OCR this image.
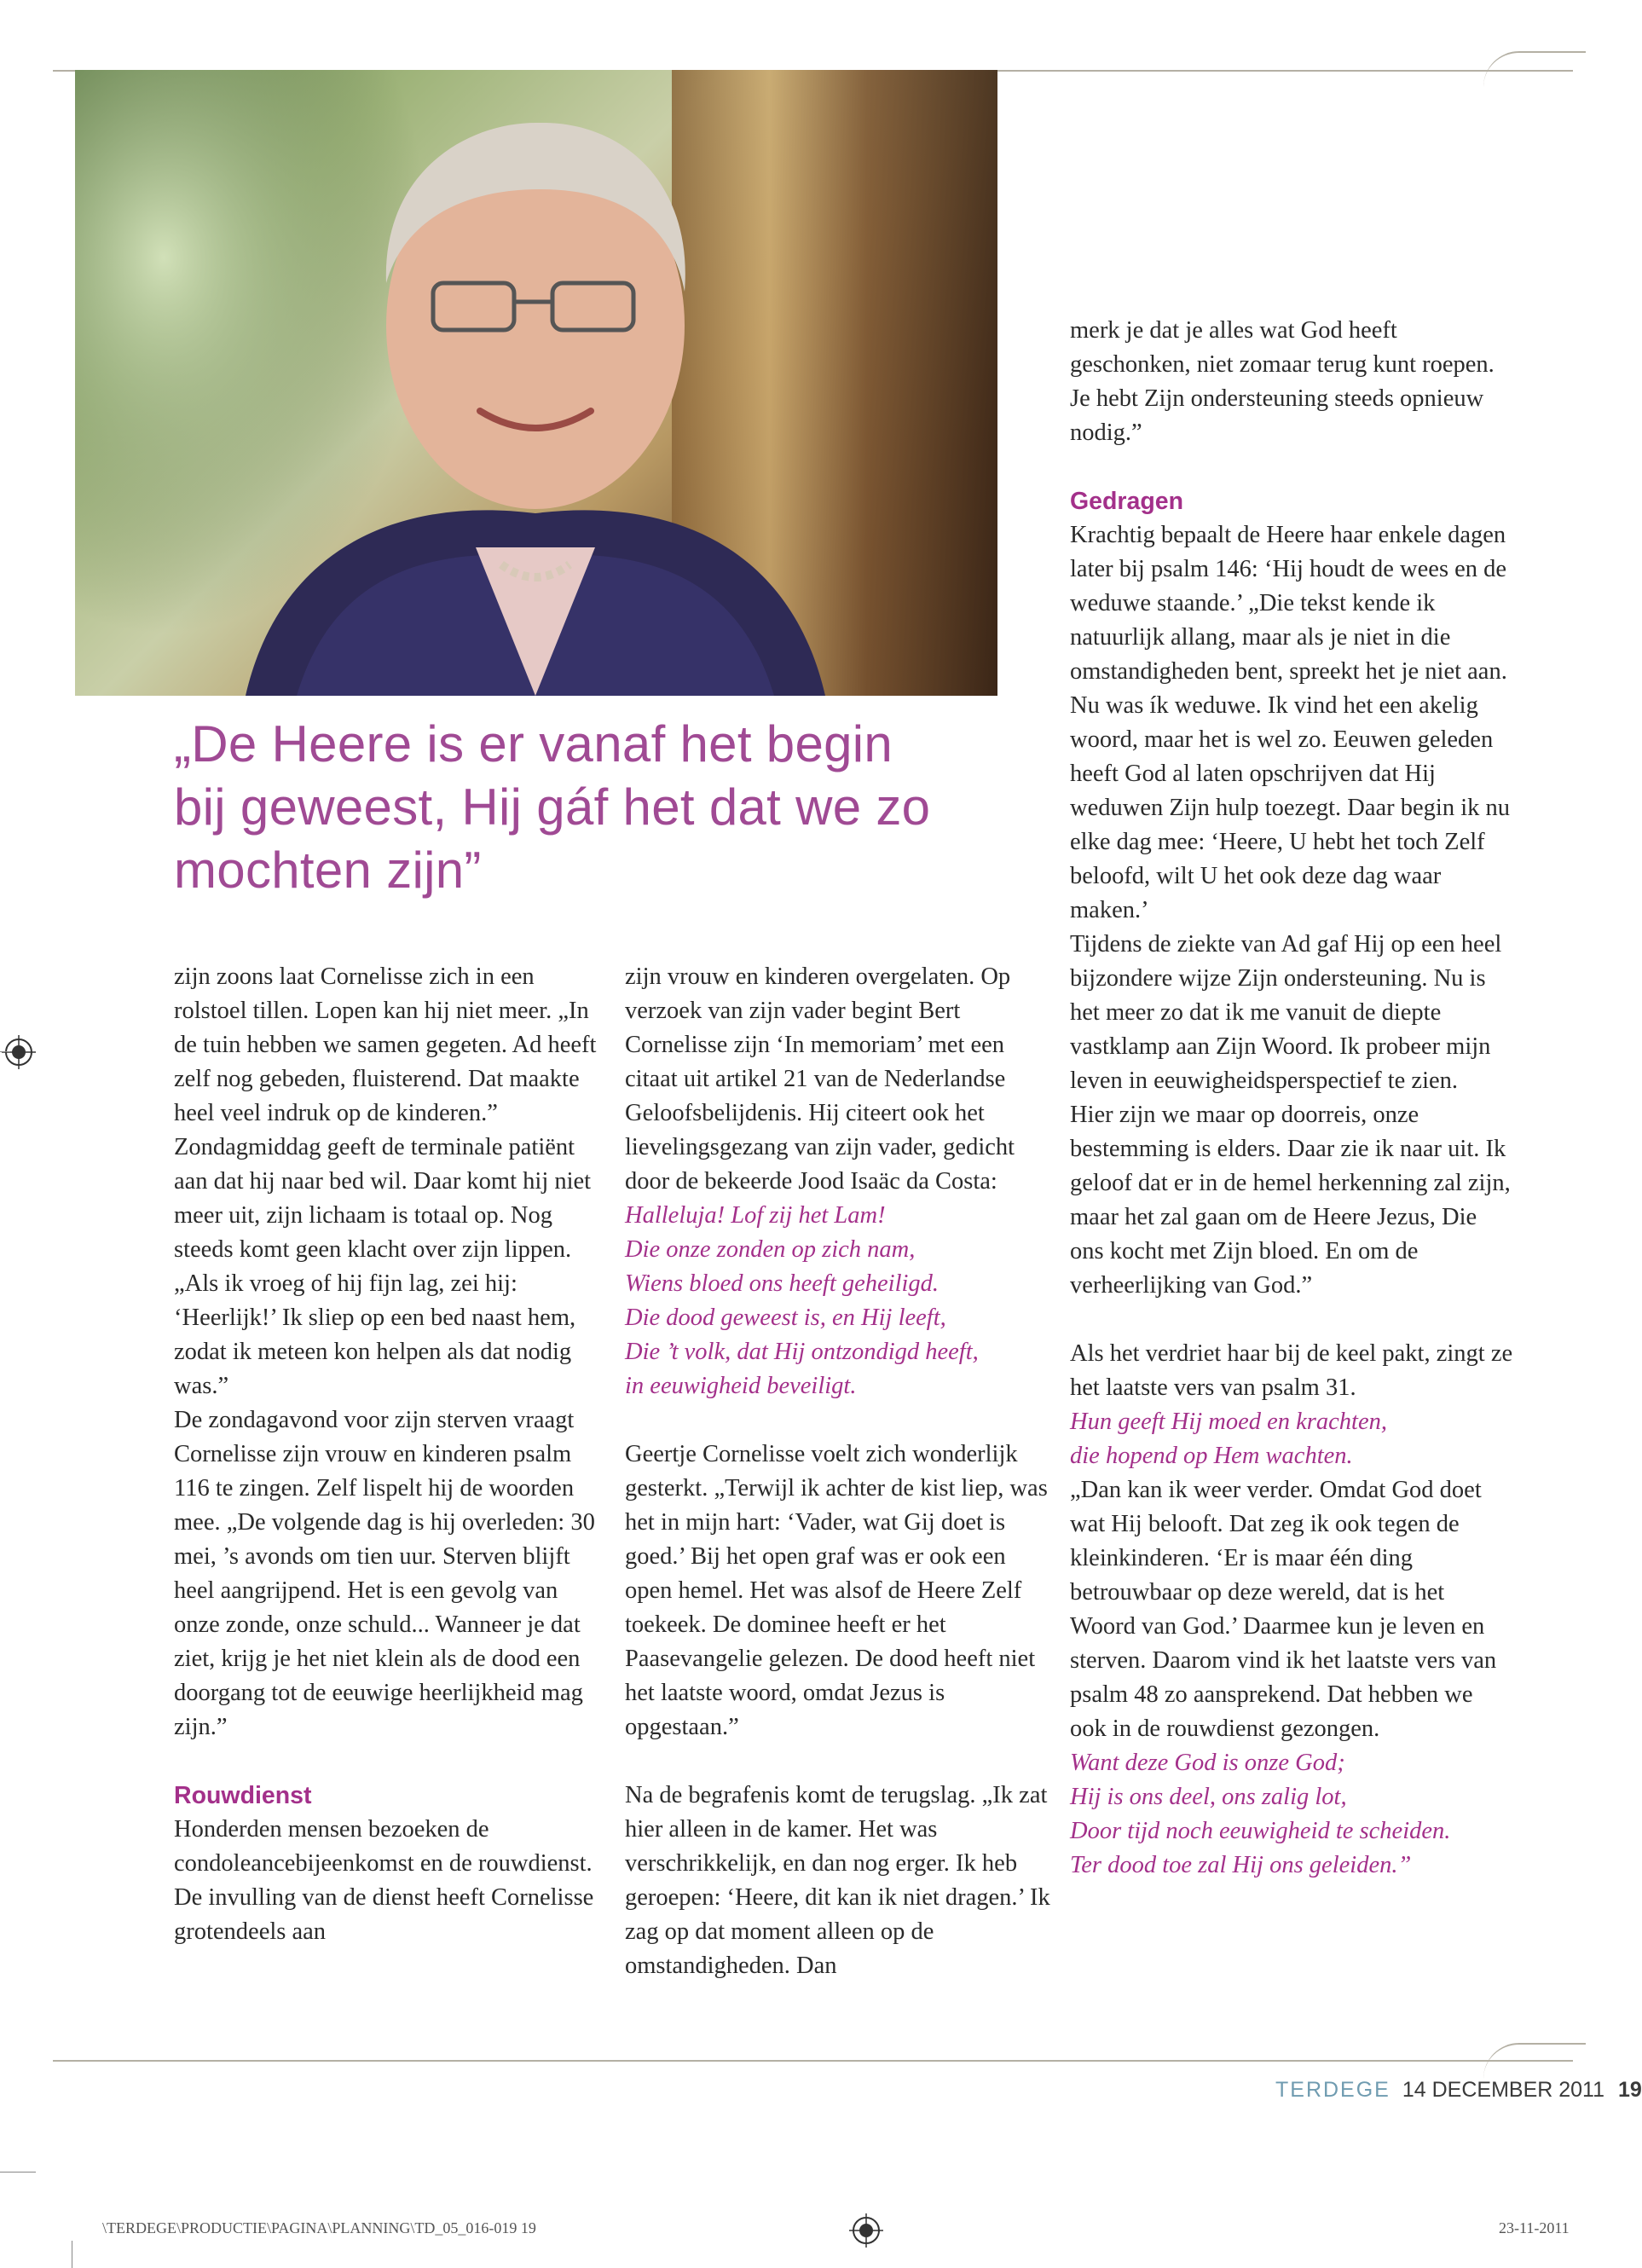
„De Heere is er vanaf het begin bij geweest, Hij gáf het dat we zo mochten zijn”

zijn zoons laat Cornelisse zich in een rolstoel tillen. Lopen kan hij niet meer. „In de tuin hebben we samen gegeten. Ad heeft zelf nog gebeden, fluisterend. Dat maakte heel veel indruk op de kinderen.”

Zondagmiddag geeft de terminale patiënt aan dat hij naar bed wil. Daar komt hij niet meer uit, zijn lichaam is totaal op. Nog steeds komt geen klacht over zijn lippen. „Als ik vroeg of hij fijn lag, zei hij: ‘Heerlijk!’ Ik sliep op een bed naast hem, zodat ik meteen kon helpen als dat nodig was.”

De zondagavond voor zijn sterven vraagt Cornelisse zijn vrouw en kinderen psalm 116 te zingen. Zelf lispelt hij de woorden mee. „De volgende dag is hij overleden: 30 mei, ’s avonds om tien uur. Sterven blijft heel aangrijpend. Het is een gevolg van onze zonde, onze schuld... Wanneer je dat ziet, krijg je het niet klein als de dood een doorgang tot de eeuwige heerlijkheid mag zijn.”

Rouwdienst

Honderden mensen bezoeken de condoleancebijeenkomst en de rouwdienst. De invulling van de dienst heeft Cornelisse grotendeels aan

zijn vrouw en kinderen overgelaten. Op verzoek van zijn vader begint Bert Cornelisse zijn ‘In memoriam’ met een citaat uit artikel 21 van de Nederlandse Geloofsbelijdenis. Hij citeert ook het lievelingsgezang van zijn vader, gedicht door de bekeerde Jood Isaäc da Costa:

Halleluja! Lof zij het Lam!

Die onze zonden op zich nam,

Wiens bloed ons heeft geheiligd.

Die dood geweest is, en Hij leeft,

Die ’t volk, dat Hij ontzondigd heeft,

in eeuwigheid beveiligt.

Geertje Cornelisse voelt zich wonderlijk gesterkt. „Terwijl ik achter de kist liep, was het in mijn hart: ‘Vader, wat Gij doet is goed.’ Bij het open graf was er ook een open hemel. Het was alsof de Heere Zelf toekeek. De dominee heeft er het Paasevangelie gelezen. De dood heeft niet het laatste woord, omdat Jezus is opgestaan.”

Na de begrafenis komt de terugslag. „Ik zat hier alleen in de kamer. Het was verschrikkelijk, en dan nog erger. Ik heb geroepen: ‘Heere, dit kan ik niet dragen.’ Ik zag op dat moment alleen op de omstandigheden. Dan

merk je dat je alles wat God heeft geschonken, niet zomaar terug kunt roepen. Je hebt Zijn ondersteuning steeds opnieuw nodig.”

Gedragen

Krachtig bepaalt de Heere haar enkele dagen later bij psalm 146: ‘Hij houdt de wees en de weduwe staande.’ „Die tekst kende ik natuurlijk allang, maar als je niet in die omstandigheden bent, spreekt het je niet aan. Nu was ík weduwe. Ik vind het een akelig woord, maar het is wel zo. Eeuwen geleden heeft God al laten opschrijven dat Hij weduwen Zijn hulp toezegt. Daar begin ik nu elke dag mee: ‘Heere, U hebt het toch Zelf beloofd, wilt U het ook deze dag waar maken.’

Tijdens de ziekte van Ad gaf Hij op een heel bijzondere wijze Zijn ondersteuning. Nu is het meer zo dat ik me vanuit de diepte vastklamp aan Zijn Woord. Ik probeer mijn leven in eeuwigheidsperspectief te zien.

Hier zijn we maar op doorreis, onze bestemming is elders. Daar zie ik naar uit. Ik geloof dat er in de hemel herkenning zal zijn, maar het zal gaan om de Heere Jezus, Die ons kocht met Zijn bloed. En om de verheerlijking van God.”

Als het verdriet haar bij de keel pakt, zingt ze het laatste vers van psalm 31.

Hun geeft Hij moed en krachten,

die hopend op Hem wachten.

„Dan kan ik weer verder. Omdat God doet wat Hij belooft. Dat zeg ik ook tegen de kleinkinderen. ‘Er is maar één ding betrouwbaar op deze wereld, dat is het Woord van God.’ Daarmee kun je leven en sterven. Daarom vind ik het laatste vers van psalm 48 zo aansprekend. Dat hebben we ook in de rouwdienst gezongen.

Want deze God is onze God;

Hij is ons deel, ons zalig lot,

Door tijd noch eeuwigheid te scheiden.

Ter dood toe zal Hij ons geleiden.”

TERDEGE 14 DECEMBER 2011 19
\TERDEGE\PRODUCTIE\PAGINA\PLANNING\TD_05_016-019 19	23-11-2011
